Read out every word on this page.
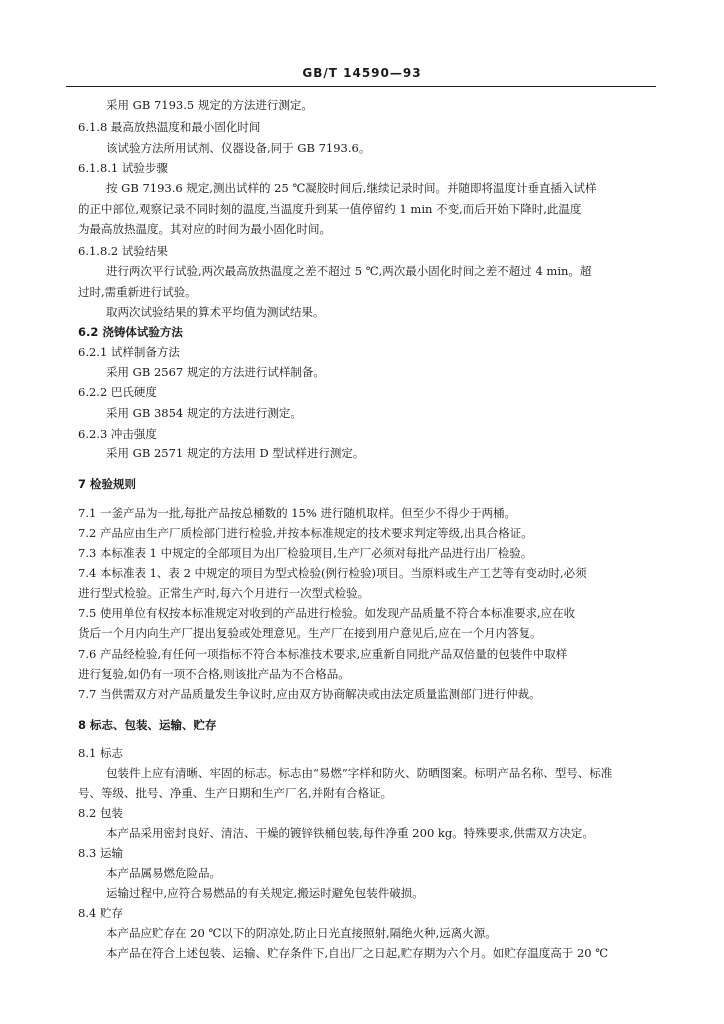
GB/T 14590—93
采用 GB 7193.5 规定的方法进行测定。
6.1.8 最高放热温度和最小固化时间
该试验方法所用试剂、仪器设备,同于 GB 7193.6。
6.1.8.1 试验步骤
按 GB 7193.6 规定,测出试样的 25 ℃凝胶时间后,继续记录时间。并随即将温度计垂直插入试样
的正中部位,观察记录不同时刻的温度,当温度升到某一值停留约 1 min 不变,而后开始下降时,此温度
为最高放热温度。其对应的时间为最小固化时间。
6.1.8.2 试验结果
进行两次平行试验,两次最高放热温度之差不超过 5 ℃,两次最小固化时间之差不超过 4 min。超
过时,需重新进行试验。
取两次试验结果的算术平均值为测试结果。
6.2 浇铸体试验方法
6.2.1 试样制备方法
采用 GB 2567 规定的方法进行试样制备。
6.2.2 巴氏硬度
采用 GB 3854 规定的方法进行测定。
6.2.3 冲击强度
采用 GB 2571 规定的方法用 D 型试样进行测定。
7 检验规则
7.1 一釜产品为一批,每批产品按总桶数的 15% 进行随机取样。但至少不得少于两桶。
7.2 产品应由生产厂质检部门进行检验,并按本标准规定的技术要求判定等级,出具合格证。
7.3 本标准表 1 中规定的全部项目为出厂检验项目,生产厂必须对每批产品进行出厂检验。
7.4 本标准表 1、表 2 中规定的项目为型式检验(例行检验)项目。当原料或生产工艺等有变动时,必须
进行型式检验。正常生产时,每六个月进行一次型式检验。
7.5 使用单位有权按本标准规定对收到的产品进行检验。如发现产品质量不符合本标准要求,应在收
货后一个月内向生产厂提出复验或处理意见。生产厂在接到用户意见后,应在一个月内答复。
7.6 产品经检验,有任何一项指标不符合本标准技术要求,应重新自同批产品双倍量的包装件中取样
进行复验,如仍有一项不合格,则该批产品为不合格品。
7.7 当供需双方对产品质量发生争议时,应由双方协商解决或由法定质量监测部门进行仲裁。
8 标志、包装、运输、贮存
8.1 标志
包装件上应有清晰、牢固的标志。标志由“易燃”字样和防火、防晒图案。标明产品名称、型号、标准
号、等级、批号、净重、生产日期和生产厂名,并附有合格证。
8.2 包装
本产品采用密封良好、清洁、干燥的镀锌铁桶包装,每件净重 200 kg。特殊要求,供需双方决定。
8.3 运输
本产品属易燃危险品。
运输过程中,应符合易燃品的有关规定,搬运时避免包装件破损。
8.4 贮存
本产品应贮存在 20 ℃以下的阴凉处,防止日光直接照射,隔绝火种,远离火源。
本产品在符合上述包装、运输、贮存条件下,自出厂之日起,贮存期为六个月。如贮存温度高于 20 ℃
